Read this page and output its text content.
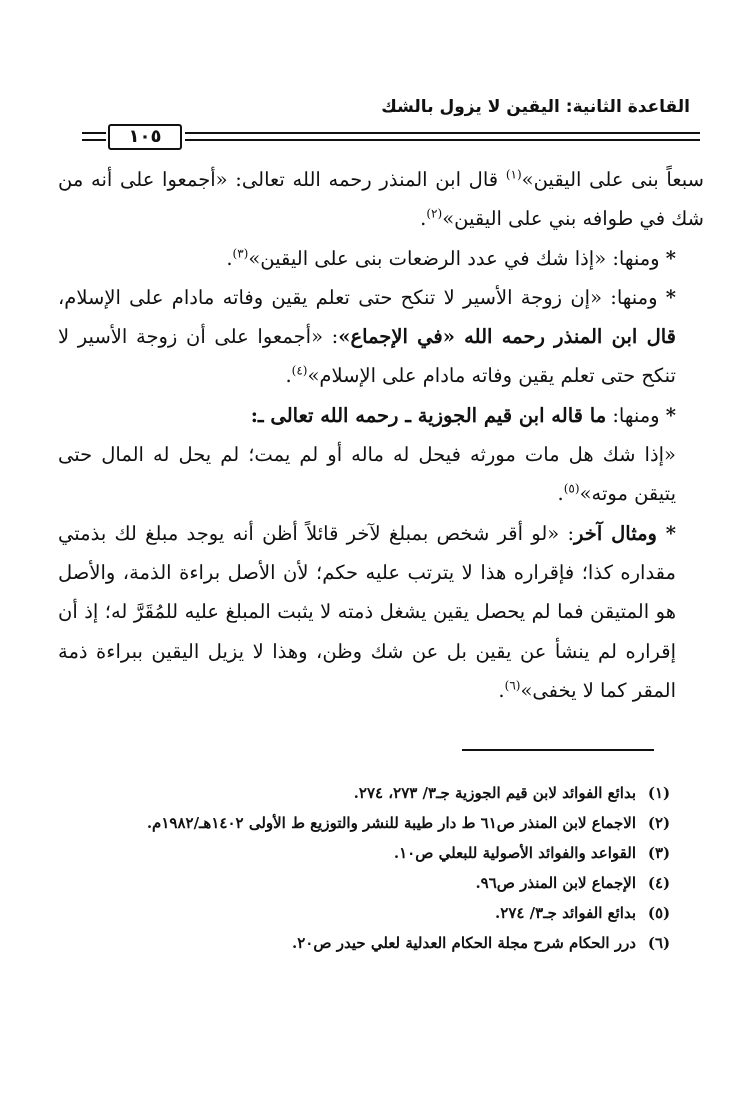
القاعدة الثانية: اليقين لا يزول بالشك
١٠٥

سبعاً بنى على اليقين»$^{(١)}$ قال ابن المنذر رحمه الله تعالى: «أجمعوا على أنه من شك في طوافه بني على اليقين»$^{(٢)}$.

* ومنها: «إذا شك في عدد الرضعات بنى على اليقين»$^{(٣)}$.

* ومنها: «إن زوجة الأسير لا تنكح حتى تعلم يقين وفاته مادام على الإسلام، قال ابن المنذر رحمه الله «في الإجماع»: «أجمعوا على أن زوجة الأسير لا تنكح حتى تعلم يقين وفاته مادام على الإسلام»$^{(٤)}$.

* ومنها: ما قاله ابن قيم الجوزية ـ رحمه الله تعالى ـ:

«إذا شك هل مات مورثه فيحل له ماله أو لم يمت؛ لم يحل له المال حتى يتيقن موته»$^{(٥)}$.

* ومثال آخر: «لو أقر شخص بمبلغ لآخر قائلاً أظن أنه يوجد مبلغ لك بذمتي مقداره كذا؛ فإقراره هذا لا يترتب عليه حكم؛ لأن الأصل براءة الذمة، والأصل هو المتيقن فما لم يحصل يقين يشغل ذمته لا يثبت المبلغ عليه للمُقَرَّ له؛ إذ أن إقراره لم ينشأ عن يقين بل عن شك وظن، وهذا لا يزيل اليقين ببراءة ذمة المقر كما لا يخفى»$^{(٦)}$.

(١)
بدائع الفوائد لابن قيم الجوزية جـ٣/ ٢٧٣، ٢٧٤.
(٢)
الاجماع لابن المنذر ص٦١ ط دار طيبة للنشر والتوزيع ط الأولى ١٤٠٢هـ/١٩٨٢م.
(٣)
القواعد والفوائد الأصولية للبعلي ص١٠.
(٤)
الإجماع لابن المنذر ص٩٦.
(٥)
بدائع الفوائد جـ٣/ ٢٧٤.
(٦)
درر الحكام شرح مجلة الحكام العدلية لعلي حيدر ص٢٠.
